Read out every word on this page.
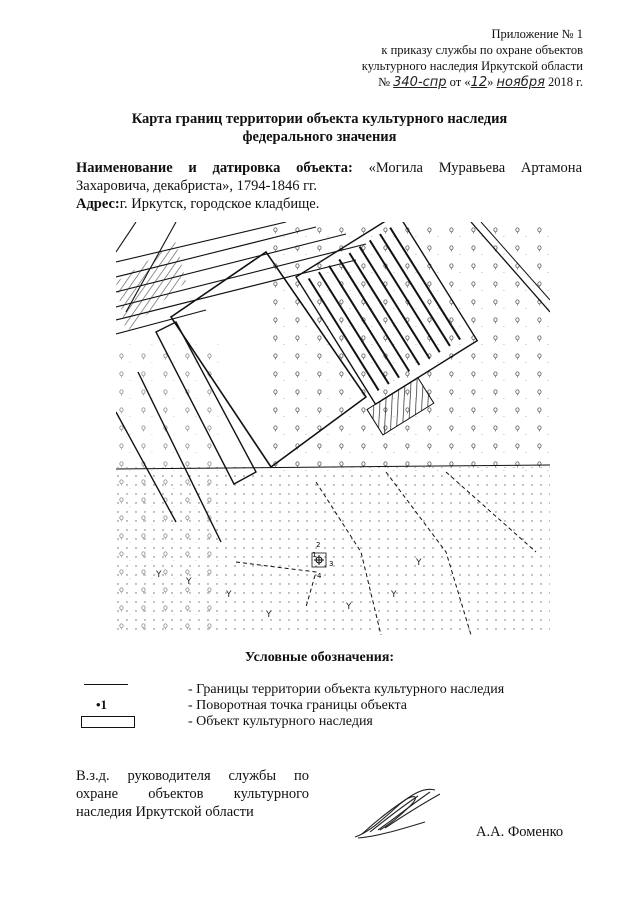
Приложение № 1
к приказу службы по охране объектов
культурного наследия Иркутской области
№ 340-спр от «12» ноября 2018 г.
Карта границ территории объекта культурного наследия
федерального значения
Наименование и датировка объекта: «Могила Муравьева Артамона
Захаровича, декабриста», 1794-1846 гг.
Адрес:г. Иркутск, городское кладбище.
Y
Y
Y
Y
Y
Y
Y
1
2
3
4
Условные обозначения:
- Границы территории объекта культурного наследия
•1	- Поворотная точка границы объекта
- Объект культурного наследия
В.з.д. руководителя службы по
охране объектов культурного
наследия Иркутской области
А.А. Фоменко
